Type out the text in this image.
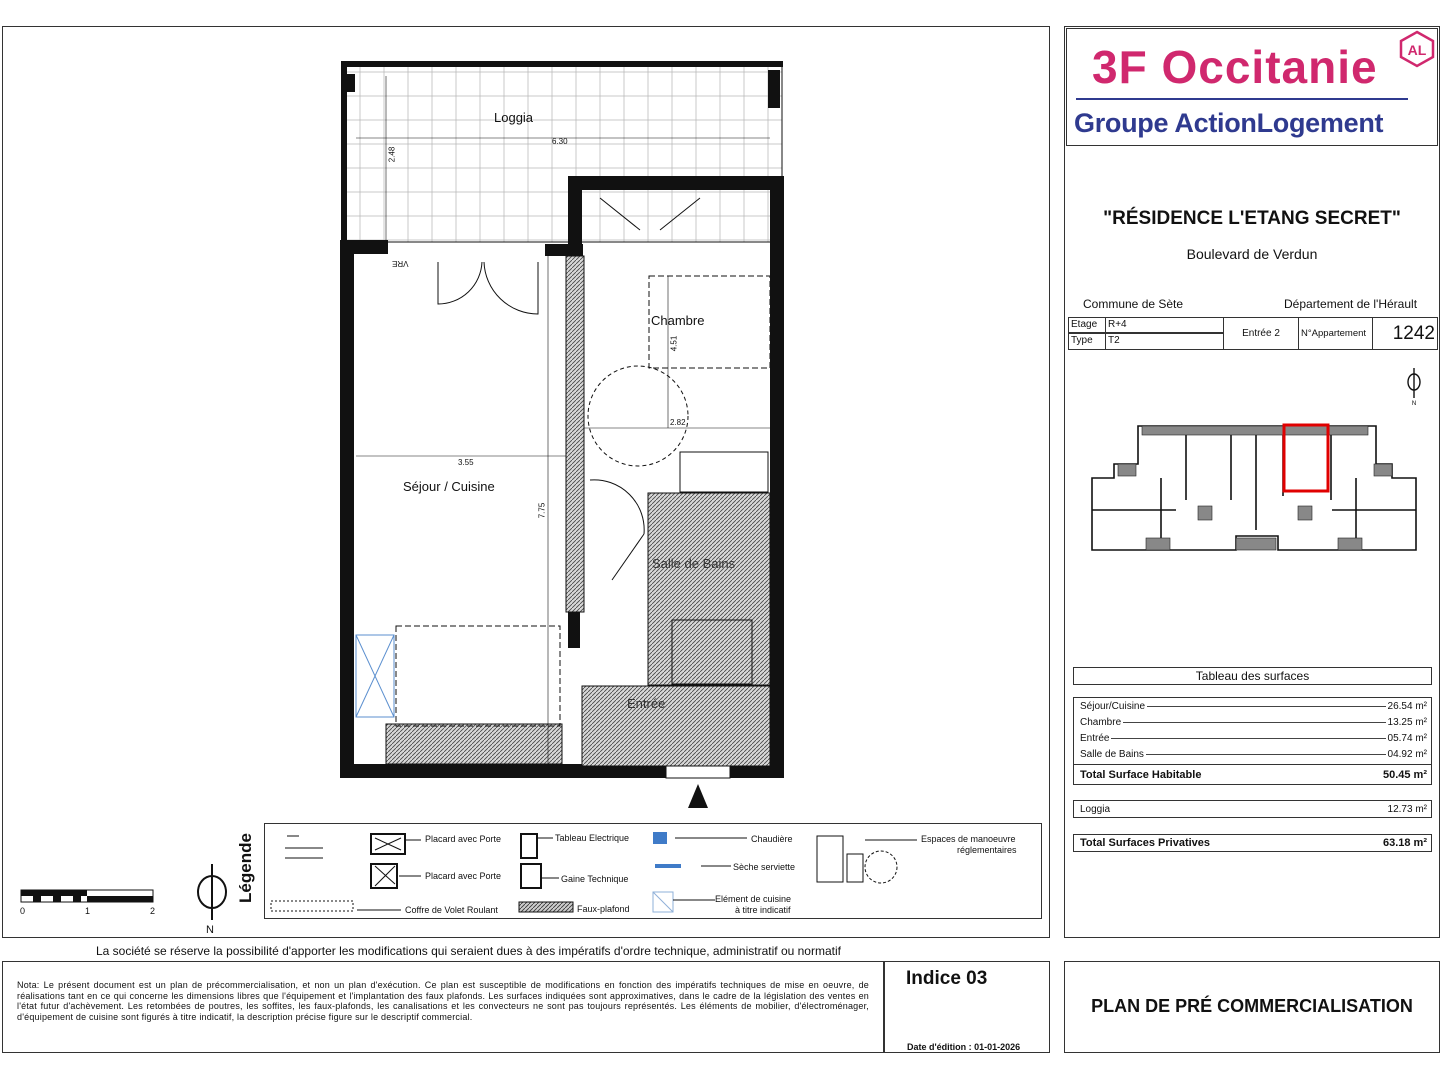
3F Occitanie AL
Groupe ActionLogement
"RÉSIDENCE L'ETANG SECRET"
Boulevard de Verdun
Commune de Sète	Département de l'Hérault
Etage	R+4
Type	T2
Entrée 2	N°Appartement	1242
N
Tableau des surfaces
Séjour/Cuisine	26.54 m²
Chambre	13.25 m²
Entrée	05.74 m²
Salle de Bains	04.92 m²
Total Surface Habitable	50.45 m²
Loggia	12.73 m²
Total Surfaces Privatives	63.18 m²
Loggia
Chambre
Séjour / Cuisine
Salle de Bains
Entrée
6.30
2.48
4.51
2.82
3.55
7.75
VRE
0	1	2
N
Légende	Placard avec Porte
Placard avec Porte
Tableau Electrique
Gaine Technique
Chaudière
Sèche serviette
Elément de cuisine
à titre indicatif
Espaces de manoeuvre
réglementaires
Coffre de Volet Roulant	Faux-plafond
La société se réserve la possibilité d'apporter les modifications qui seraient dues à des impératifs d'ordre technique, administratif ou normatif
Nota: Le présent document est un plan de précommercialisation, et non un plan d'exécution. Ce plan est susceptible de modifications en fonction des impératifs techniques de mise en oeuvre, de réalisations tant en ce qui concerne les dimensions libres que l'équipement et l'implantation des faux plafonds. Les surfaces indiquées sont approximatives, dans le cadre de la législation des ventes en l'état futur d'achèvement. Les retombées de poutres, les soffites, les faux-plafonds, les canalisations et les convecteurs ne sont pas toujours représentés. Les éléments de mobilier, d'électroménager, d'équipement de cuisine sont figurés à titre indicatif, la description précise figure sur le descriptif commercial.
Indice 03
Date d'édition : 01-01-2026
PLAN DE PRÉ COMMERCIALISATION
